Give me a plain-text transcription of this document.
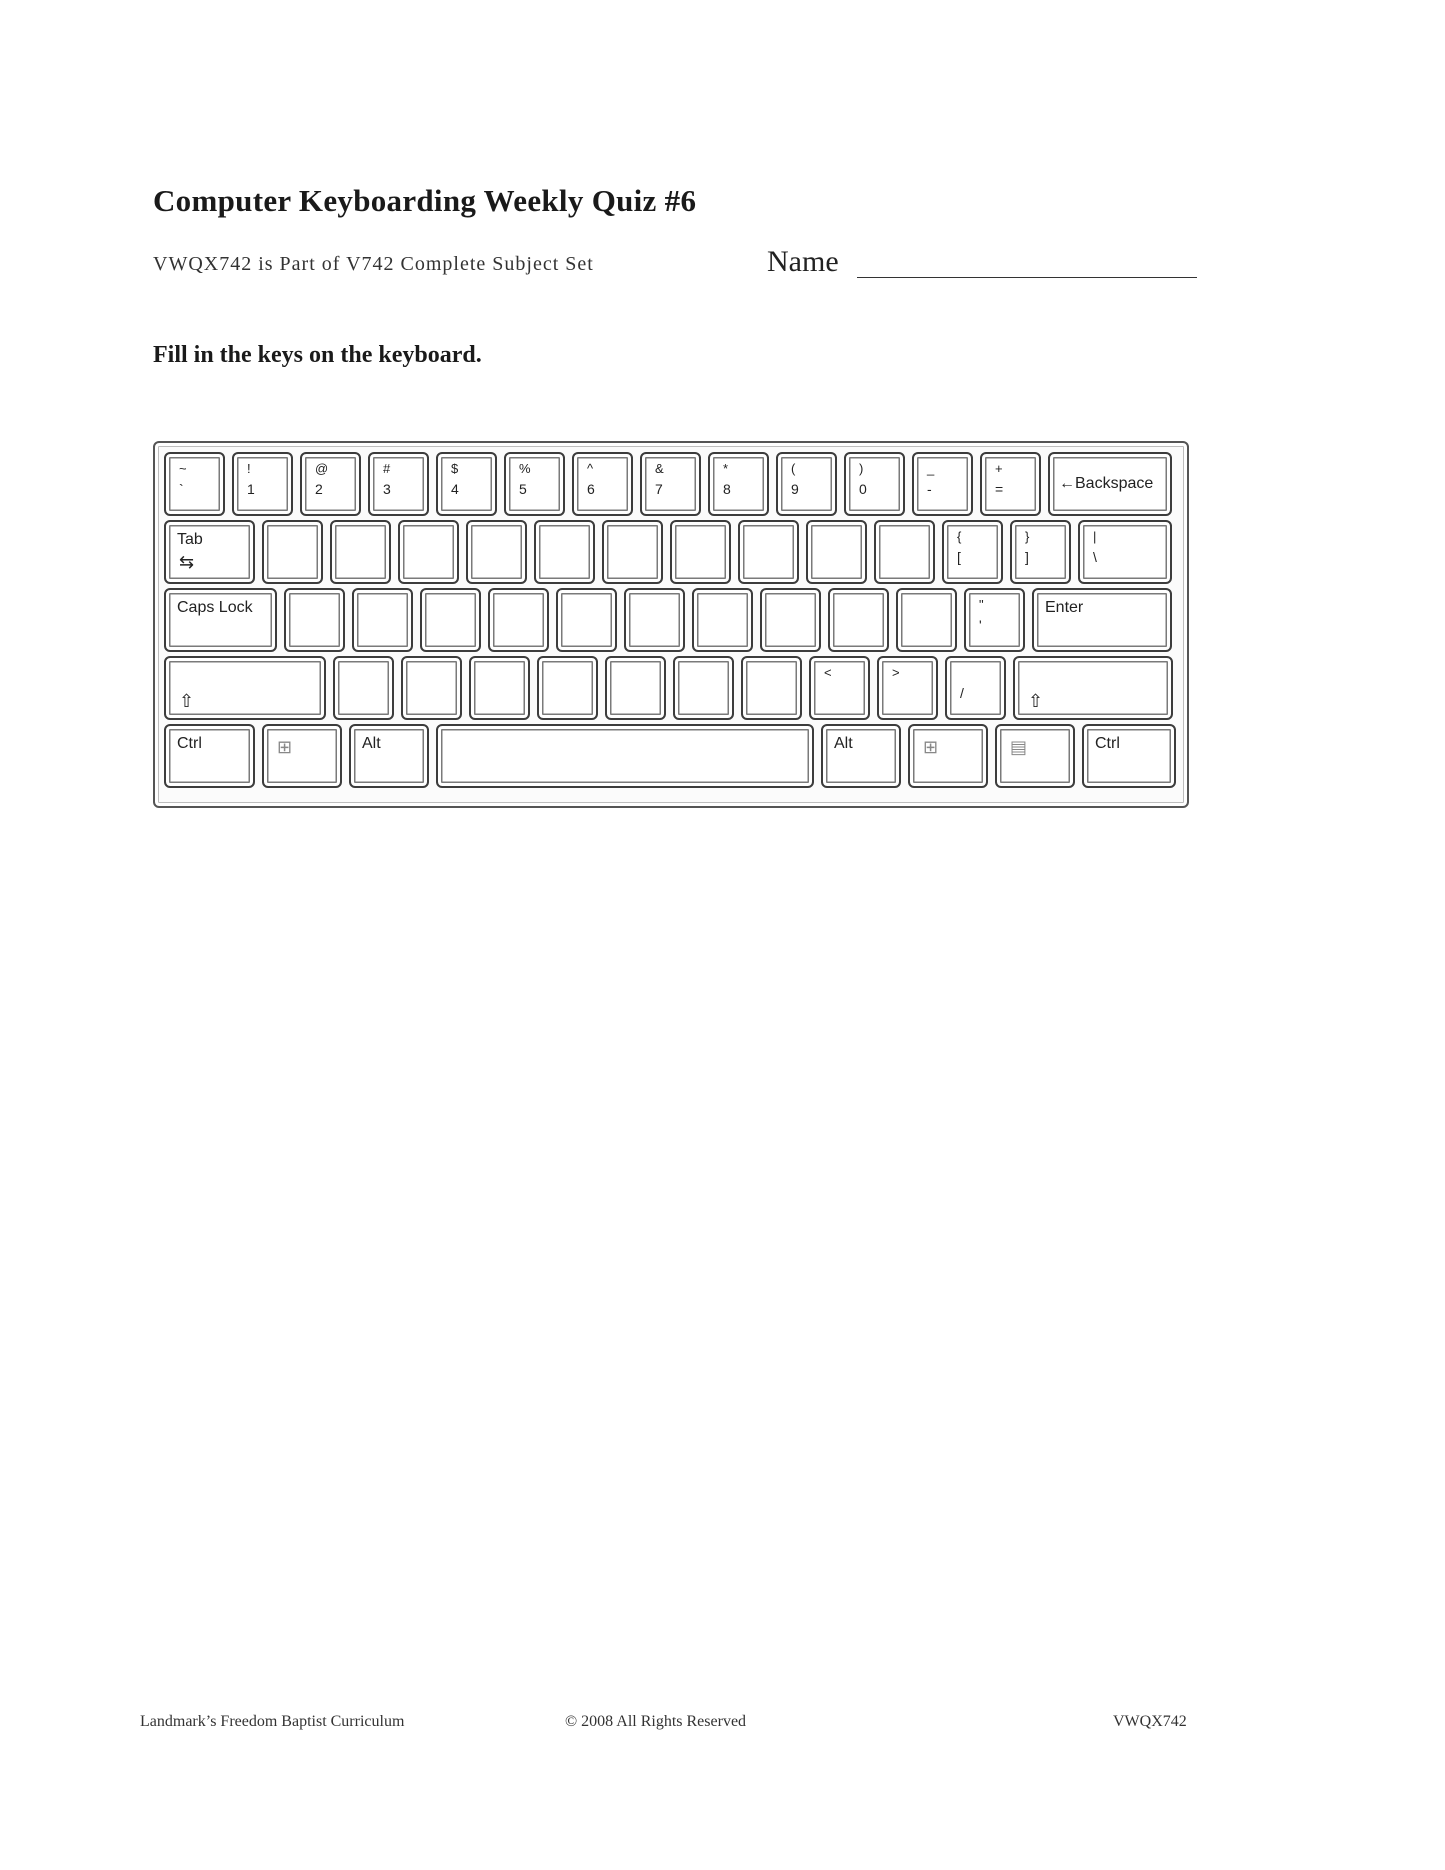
Computer Keyboarding Weekly Quiz #6
VWQX742 is Part of V742 Complete Subject Set	Name
Fill in the keys on the keyboard.
~
`
!
1
@
2
#
3
$
4
%
5
^
6
&
7
*
8
(
9
)
0
_
-
+
=	←Backspace
Tab
⇆
{
[
}
]
|
\
Caps Lock	"
'
Enter
⇧
<	>
/	⇧
Ctrl	⊞	Alt	Alt	⊞	▤	Ctrl
Landmark’s Freedom Baptist Curriculum	© 2008 All Rights Reserved	VWQX742
